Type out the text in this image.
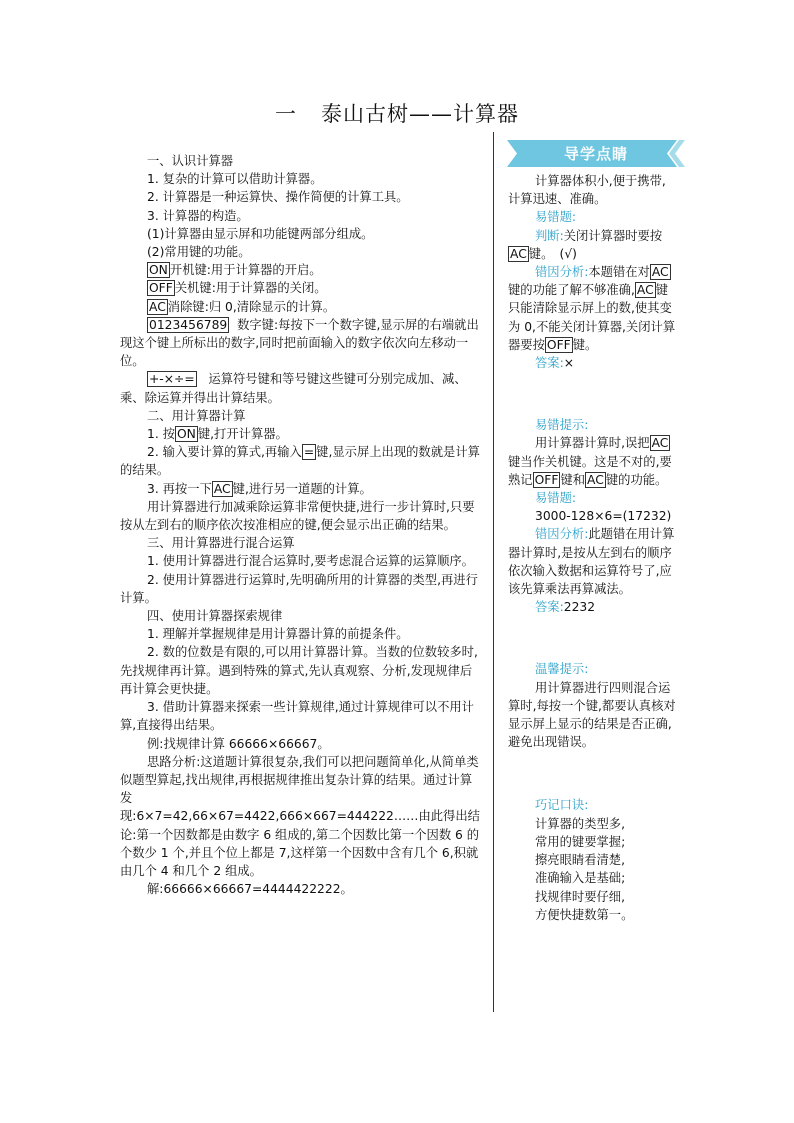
一 泰山古树——计算器

一、认识计算器

1. 复杂的计算可以借助计算器。

2. 计算器是一种运算快、操作简便的计算工具。

3. 计算器的构造。

(1)计算器由显示屏和功能键两部分组成。

(2)常用键的功能。

ON 开机键:用于计算器的开启。

OFF 关机键:用于计算器的关闭。

AC 消除键:归 0,清除显示的计算。

0123456789 数字键:每按下一个数字键,显示屏的右端就出现这个键上所标出的数字,同时把前面输入的数字依次向左移动一位。

+-×÷= 运算符号键和等号键这些键可分别完成加、减、乘、除运算并得出计算结果。

二、用计算器计算

1. 按 ON 键,打开计算器。

2. 输入要计算的算式,再输入 = 键,显示屏上出现的数就是计算的结果。

3. 再按一下 AC 键,进行另一道题的计算。

用计算器进行加减乘除运算非常便快捷,进行一步计算时,只要按从左到右的顺序依次按准相应的键,便会显示出正确的结果。

三、用计算器进行混合运算

1. 使用计算器进行混合运算时,要考虑混合运算的运算顺序。

2. 使用计算器进行运算时,先明确所用的计算器的类型,再进行计算。

四、使用计算器探索规律

1. 理解并掌握规律是用计算器计算的前提条件。

2. 数的位数是有限的,可以用计算器计算。当数的位数较多时,先找规律再计算。遇到特殊的算式,先认真观察、分析,发现规律后再计算会更快捷。

3. 借助计算器来探索一些计算规律,通过计算规律可以不用计算,直接得出结果。

例:找规律计算 66666×66667。

思路分析:这道题计算很复杂,我们可以把问题简单化,从简单类似题型算起,找出规律,再根据规律推出复杂计算的结果。通过计算发

现:6×7=42,66×67=4422,666×667=444222……由此得出结论:第一个因数都是由数字 6 组成的,第二个因数比第一个因数 6 的个数少 1 个,并且个位上都是 7,这样第一个因数中含有几个 6,积就由几个 4 和几个 2 组成。

解:66666×66667=4444422222。

导学点睛

计算器体积小,便于携带,计算迅速、准确。

易错题:

判断:关闭计算器时要按AC 键。　(√)

错因分析:本题错在对 AC键的功能了解不够准确, AC 键只能清除显示屏上的数,使其变为 0,不能关闭计算器,关闭计算器要按 OFF 键。

答案:×

易错提示:

用计算器计算时,误把 AC键当作关机键。这是不对的,要熟记 OFF 键和 AC 键的功能。

易错题:

3000-128×6=(17232)

错因分析:此题错在用计算器计算时,是按从左到右的顺序依次输入数据和运算符号了,应该先算乘法再算减法。

答案:2232

温馨提示:

用计算器进行四则混合运算时,每按一个键,都要认真核对显示屏上显示的结果是否正确,避免出现错误。

巧记口诀:

计算器的类型多,

常用的键要掌握;

擦亮眼睛看清楚,

准确输入是基础;

找规律时要仔细,

方便快捷数第一。
